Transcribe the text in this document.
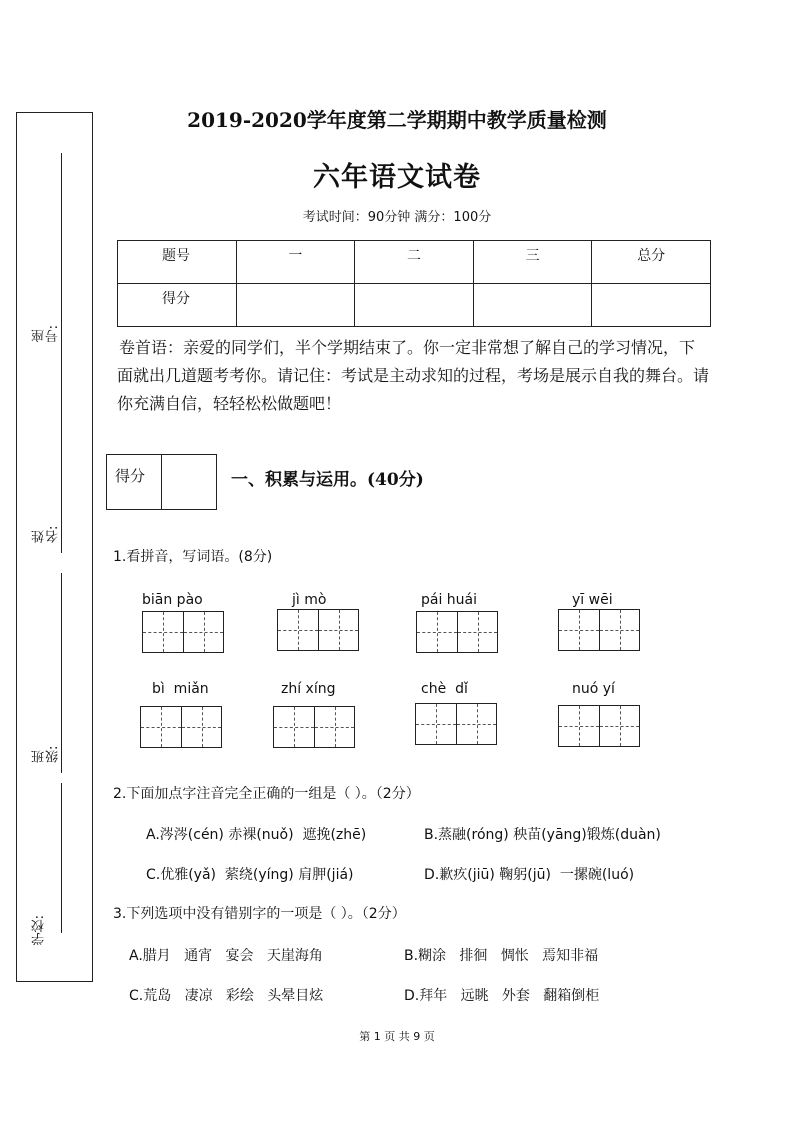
座号:
姓名:
班级:
学校:
2019-2020学年度第二学期期中教学质量检测
六年语文试卷
考试时间：90分钟 满分：100分
题号	一	二	三	总分
得分				
卷首语：亲爱的同学们，半个学期结束了。你一定非常想了解自己的学习情况，下面就出几道题考考你。请记住：考试是主动求知的过程，考场是展示自我的舞台。请你充满自信，轻轻松松做题吧！
得分	一、积累与运用。(40分)
1.看拼音，写词语。(8分)
biān pào	jì mò	pái huái	yī wēi
bì  miǎn	zhí xíng	chè  dǐ	nuó yí
2.下面加点字注音完全正确的一组是（ ）。（2分）
A.涔涔(cén) 赤裸(nuǒ)  遮挽(zhē)	B.蒸融(róng) 秧苗(yāng)锻炼(duàn)
C.优雅(yǎ)  萦绕(yíng) 肩胛(jiá)	D.歉疚(jiū) 鞠躬(jū)  一摞碗(luó)
3.下列选项中没有错别字的一项是（ ）。（2分）
A.腊月   通宵   宴会   天崖海角	B.糊涂   排徊   惆怅   焉知非福
C.荒岛   凄凉   彩绘   头晕目炫	D.拜年   远眺   外套   翻箱倒柜
第 1 页 共 9 页
